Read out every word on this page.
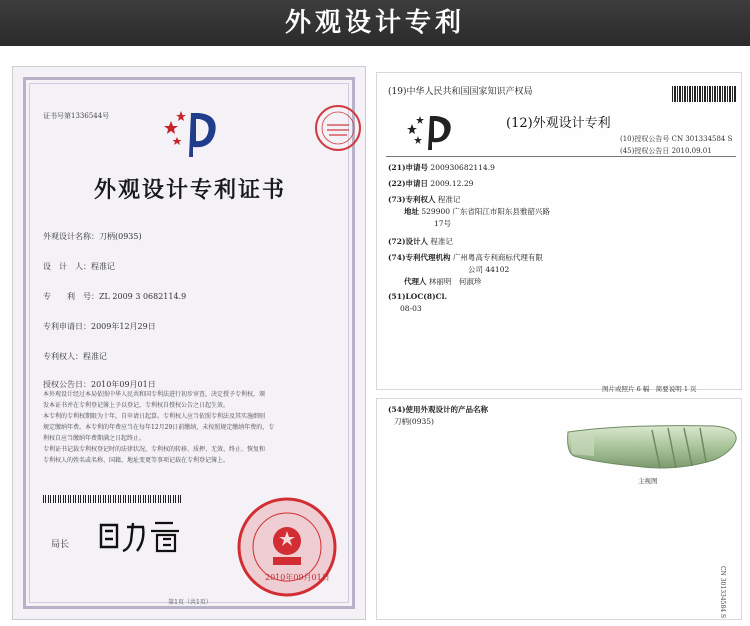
外观设计专利
证书号第1336544号
外观设计专利证书
外观设计名称：刀柄(0935)
设　计　人：程准记
专　　利　号：ZL 2009 3 0682114.9
专利申请日：2009年12月29日
专利权人：程准记
授权公告日：2010年09月01日
本外观设计经过本局依照中华人民共和国专利法进行初步审查，决定授予专利权，颁
发本证书并在专利登记簿上予以登记，专利权自授权公告之日起生效。
本专利的专利权期限为十年，自申请日起算。专利权人应当依照专利法及其实施细则
规定缴纳年费。本专利的年费应当在每年12月29日前缴纳，未按照规定缴纳年费的，专
利权自应当缴纳年费期满之日起终止。
专利证书记载专利权登记时的法律状况，专利权的转移、质押、无效、终止、恢复和
专利权人的姓名或名称、国籍、地址变更等事项记载在专利登记簿上。
局长
2010年09月01日
第1页（共1页）
(19)中华人民共和国国家知识产权局
(12)外观设计专利
(10)授权公告号 CN 301334584 S
(45)授权公告日 2010.09.01
(21)申请号 200930682114.9
(22)申请日 2009.12.29
(73)专利权人 程准记
地址 529900 广东省阳江市阳东县雅韶兴路
17号
(72)设计人 程准记
(74)专利代理机构 广州粤高专利商标代理有限
公司 44102
代理人 林丽明　何淑珍
(51)LOC(8)Cl.
08-03
图片或照片 6 幅　简要说明 1 页
(54)使用外观设计的产品名称
刀柄(0935)
主视图
CN 301334584 S
